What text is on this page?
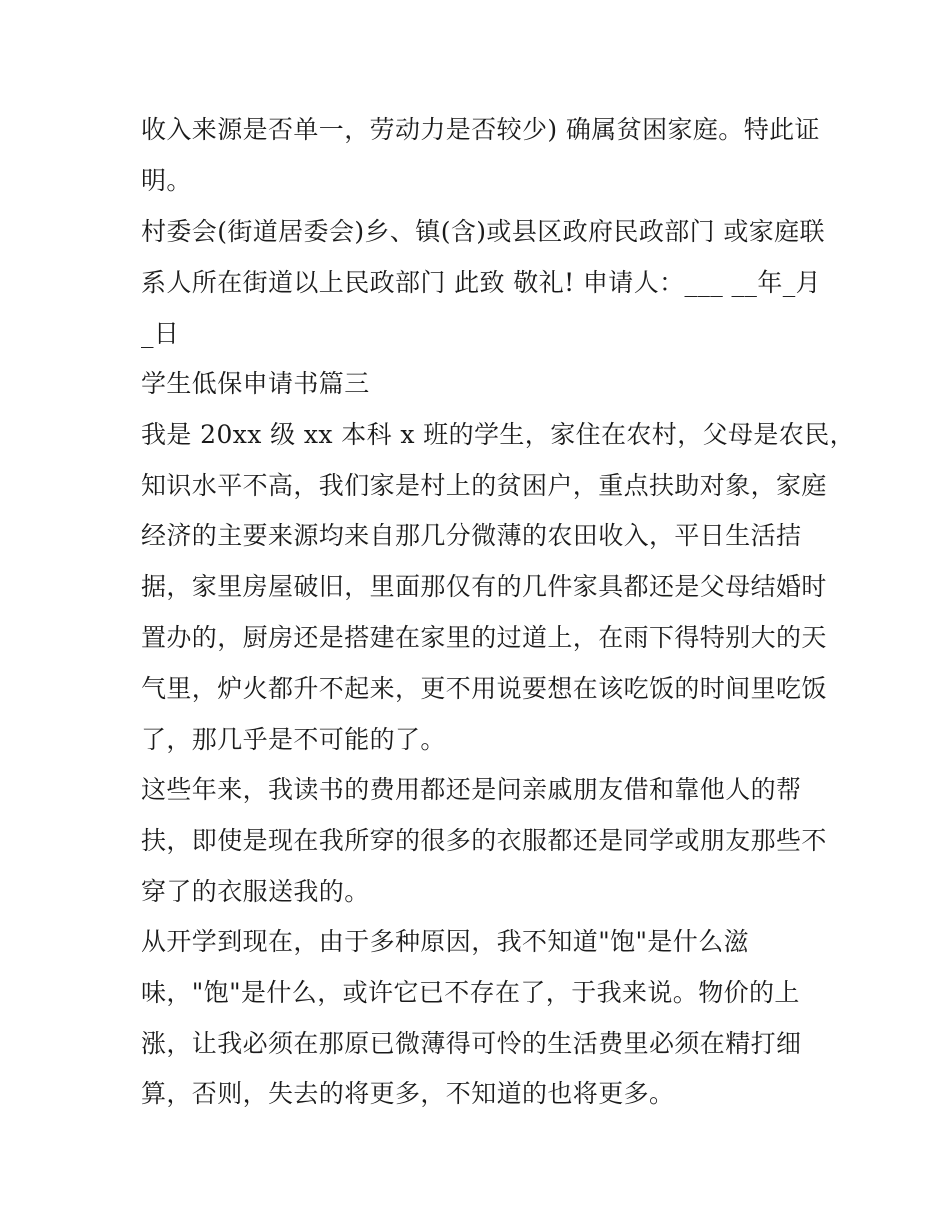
收入来源是否单一，劳动力是否较少) 确属贫困家庭。特此证
明。
村委会(街道居委会)乡、镇(含)或县区政府民政部门 或家庭联
系人所在街道以上民政部门 此致 敬礼! 申请人：___ __年_月
_日
学生低保申请书篇三
我是 20xx 级 xx 本科 x 班的学生，家住在农村，父母是农民，
知识水平不高，我们家是村上的贫困户，重点扶助对象，家庭
经济的主要来源均来自那几分微薄的农田收入，平日生活拮
据，家里房屋破旧，里面那仅有的几件家具都还是父母结婚时
置办的，厨房还是搭建在家里的过道上，在雨下得特别大的天
气里，炉火都升不起来，更不用说要想在该吃饭的时间里吃饭
了，那几乎是不可能的了。
这些年来，我读书的费用都还是问亲戚朋友借和靠他人的帮
扶，即使是现在我所穿的很多的衣服都还是同学或朋友那些不
穿了的衣服送我的。
从开学到现在，由于多种原因，我不知道"饱"是什么滋
味，"饱"是什么，或许它已不存在了，于我来说。物价的上
涨，让我必须在那原已微薄得可怜的生活费里必须在精打细
算，否则，失去的将更多，不知道的也将更多。
